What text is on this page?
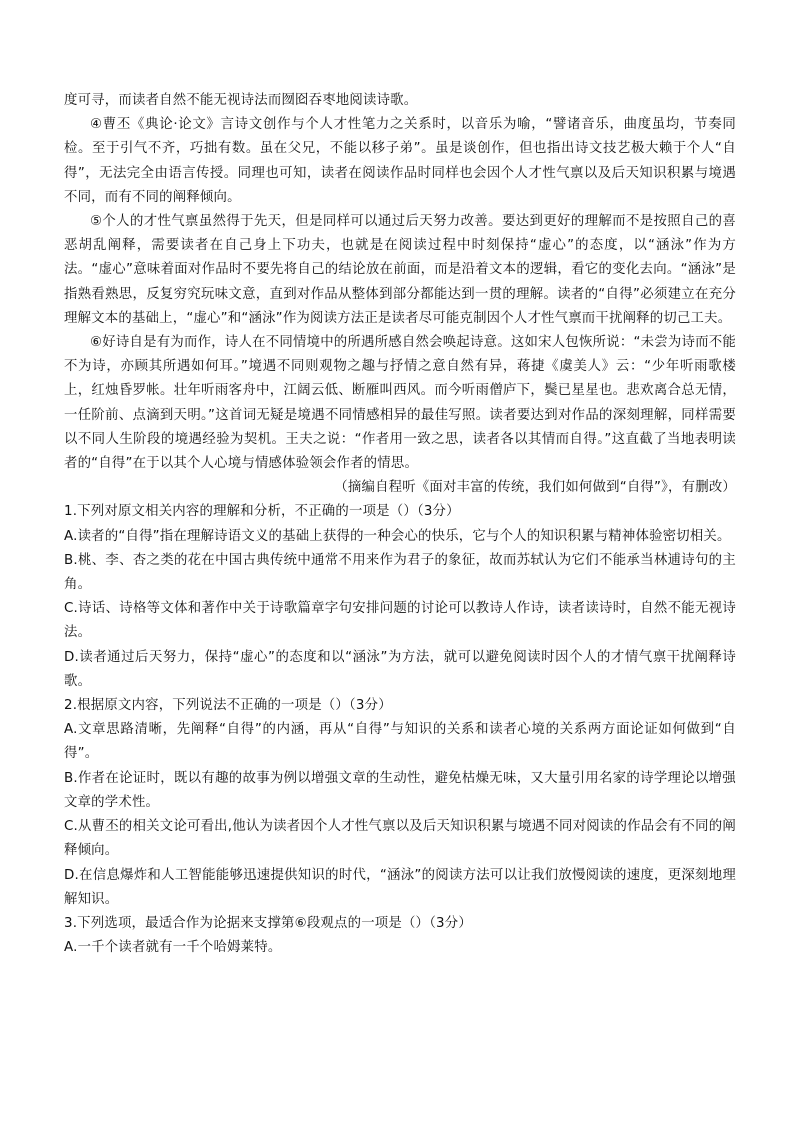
度可寻，而读者自然不能无视诗法而囫囵吞枣地阅读诗歌。

④曹丕《典论·论文》言诗文创作与个人才性笔力之关系时，以音乐为喻，“譬诸音乐，曲度虽均，节奏同检。至于引气不齐，巧拙有数。虽在父兄，不能以移子弟”。虽是谈创作，但也指出诗文技艺极大赖于个人“自得”，无法完全由语言传授。同理也可知，读者在阅读作品时同样也会因个人才性气禀以及后天知识积累与境遇不同，而有不同的阐释倾向。

⑤个人的才性气禀虽然得于先天，但是同样可以通过后天努力改善。要达到更好的理解而不是按照自己的喜恶胡乱阐释，需要读者在自己身上下功夫，也就是在阅读过程中时刻保持“虚心”的态度，以“涵泳”作为方法。“虚心”意味着面对作品时不要先将自己的结论放在前面，而是沿着文本的逻辑，看它的变化去向。“涵泳”是指熟看熟思，反复穷究玩味文意，直到对作品从整体到部分都能达到一贯的理解。读者的“自得”必须建立在充分理解文本的基础上，“虚心”和“涵泳”作为阅读方法正是读者尽可能克制因个人才性气禀而干扰阐释的切己工夫。

⑥好诗自是有为而作，诗人在不同情境中的所遇所感自然会唤起诗意。这如宋人包恢所说：“未尝为诗而不能不为诗，亦顾其所遇如何耳。”境遇不同则观物之趣与抒情之意自然有异，蒋捷《虞美人》云：“少年听雨歌楼上，红烛昏罗帐。壮年听雨客舟中，江阔云低、断雁叫西风。而今听雨僧庐下，鬓已星星也。悲欢离合总无情，一任阶前、点滴到天明。”这首词无疑是境遇不同情感相异的最佳写照。读者要达到对作品的深刻理解，同样需要以不同人生阶段的境遇经验为契机。王夫之说：“作者用一致之思，读者各以其情而自得。”这直截了当地表明读者的“自得”在于以其个人心境与情感体验领会作者的情思。

（摘编自程听《面对丰富的传统，我们如何做到“自得”》，有删改）

1.下列对原文相关内容的理解和分析，不正确的一项是（）（3分）

A.读者的“自得”指在理解诗语文义的基础上获得的一种会心的快乐，它与个人的知识积累与精神体验密切相关。

B.桃、李、杏之类的花在中国古典传统中通常不用来作为君子的象征，故而苏轼认为它们不能承当林逋诗句的主角。

C.诗话、诗格等文体和著作中关于诗歌篇章字句安排问题的讨论可以教诗人作诗，读者读诗时，自然不能无视诗法。

D.读者通过后天努力，保持“虚心”的态度和以“涵泳”为方法，就可以避免阅读时因个人的才情气禀干扰阐释诗歌。

2.根据原文内容，下列说法不正确的一项是（）（3分）

A.文章思路清晰，先阐释“自得”的内涵，再从“自得”与知识的关系和读者心境的关系两方面论证如何做到“自得”。

B.作者在论证时，既以有趣的故事为例以增强文章的生动性，避免枯燥无味，又大量引用名家的诗学理论以增强文章的学术性。

C.从曹丕的相关文论可看出,他认为读者因个人才性气禀以及后天知识积累与境遇不同对阅读的作品会有不同的阐释倾向。

D.在信息爆炸和人工智能能够迅速提供知识的时代，“涵泳”的阅读方法可以让我们放慢阅读的速度，更深刻地理解知识。

3.下列选项，最适合作为论据来支撑第⑥段观点的一项是（）（3分）

A.一千个读者就有一千个哈姆莱特。
